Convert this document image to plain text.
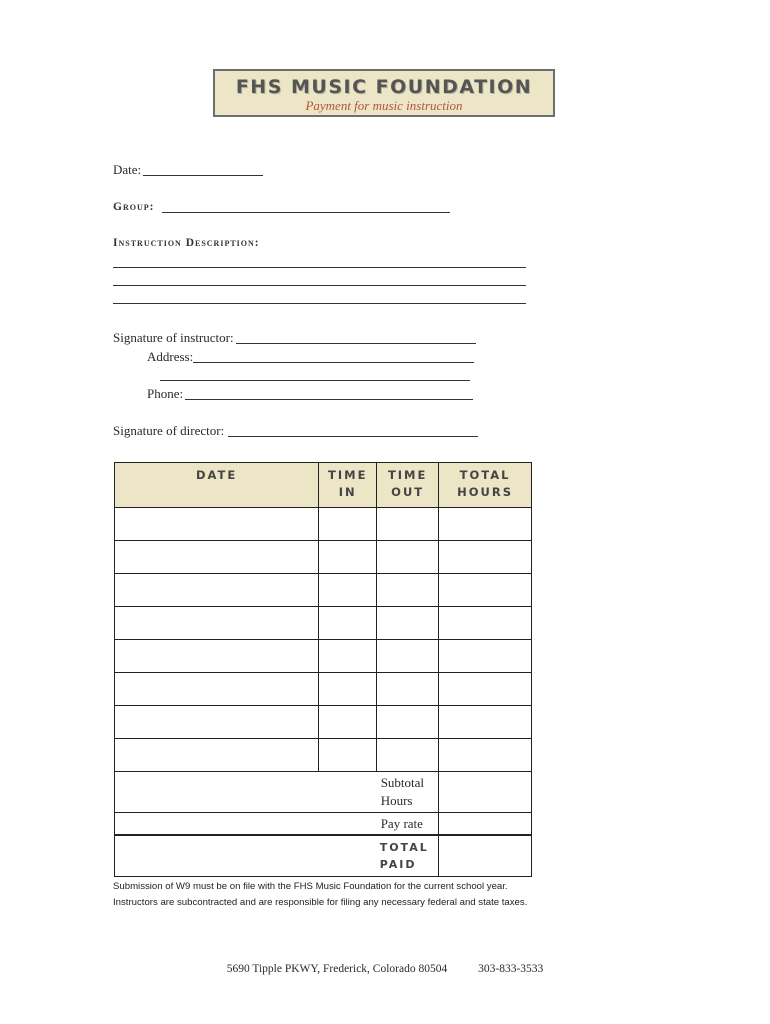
FHS MUSIC FOUNDATION
Payment for music instruction
Date:
Group:
Instruction Description:
Signature of instructor:
Address:
Phone:
Signature of director:
DATE	TIME IN	TIME OUT	TOTAL HOURS

		Subtotal Hours	

		Pay rate	

		TOTAL PAID	

Submission of W9 must be on file with the FHS Music Foundation for the current school year.
Instructors are subcontracted and are responsible for filing any necessary federal and state taxes.
5690 Tipple PKWY, Frederick, Colorado 80504	303-833-3533
